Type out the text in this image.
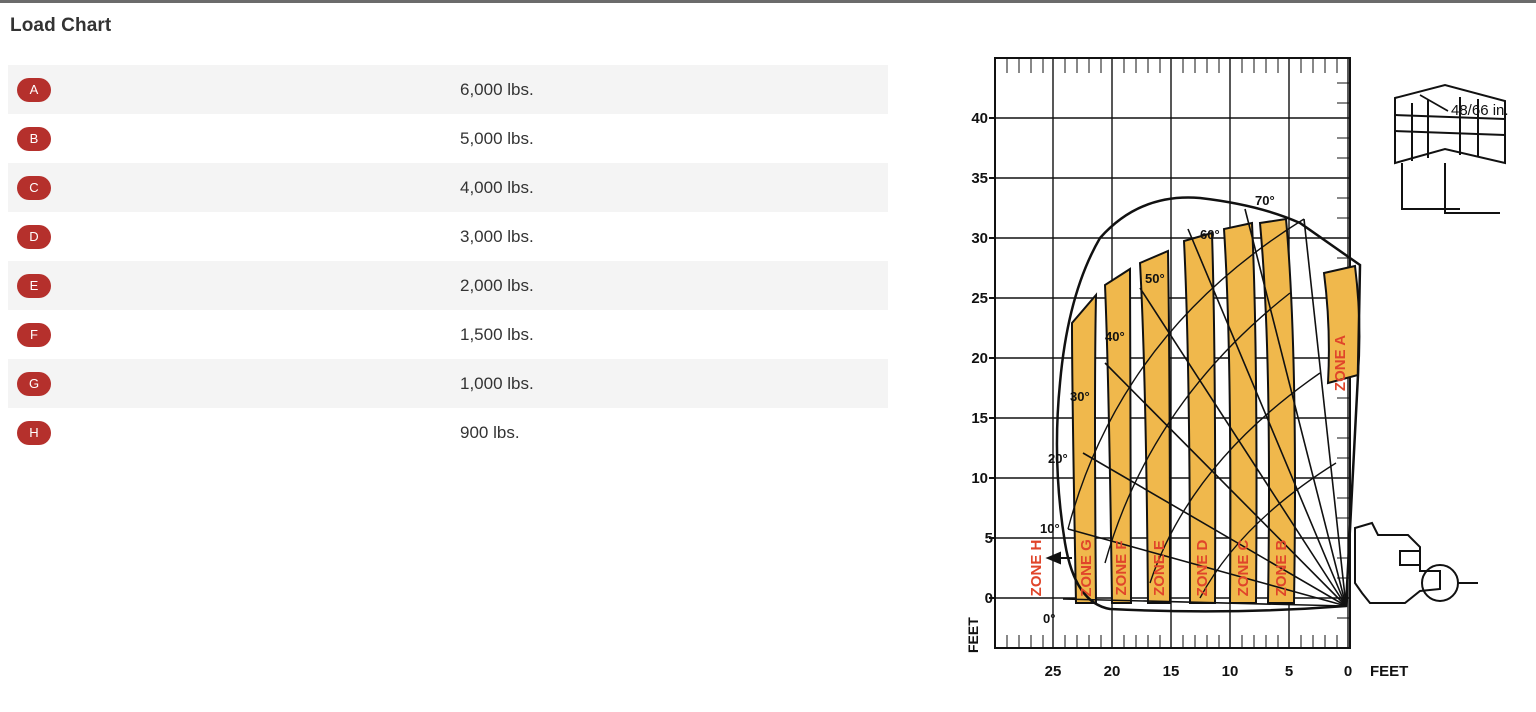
Load Chart
A	6,000 lbs.
B	5,000 lbs.
C	4,000 lbs.
D	3,000 lbs.
E	2,000 lbs.
F	1,500 lbs.
G	1,000 lbs.
H	900 lbs.
40
35
30
25
20
15
10
5
0
25	20	15	10	5	0 FEET
FEET	0°
10°
20°
30°
40°
50°
60°
70°
ZONE A
ZONE B
ZONE C
ZONE D
ZONE E
ZONE F
ZONE G
ZONE H
48/66 in.
